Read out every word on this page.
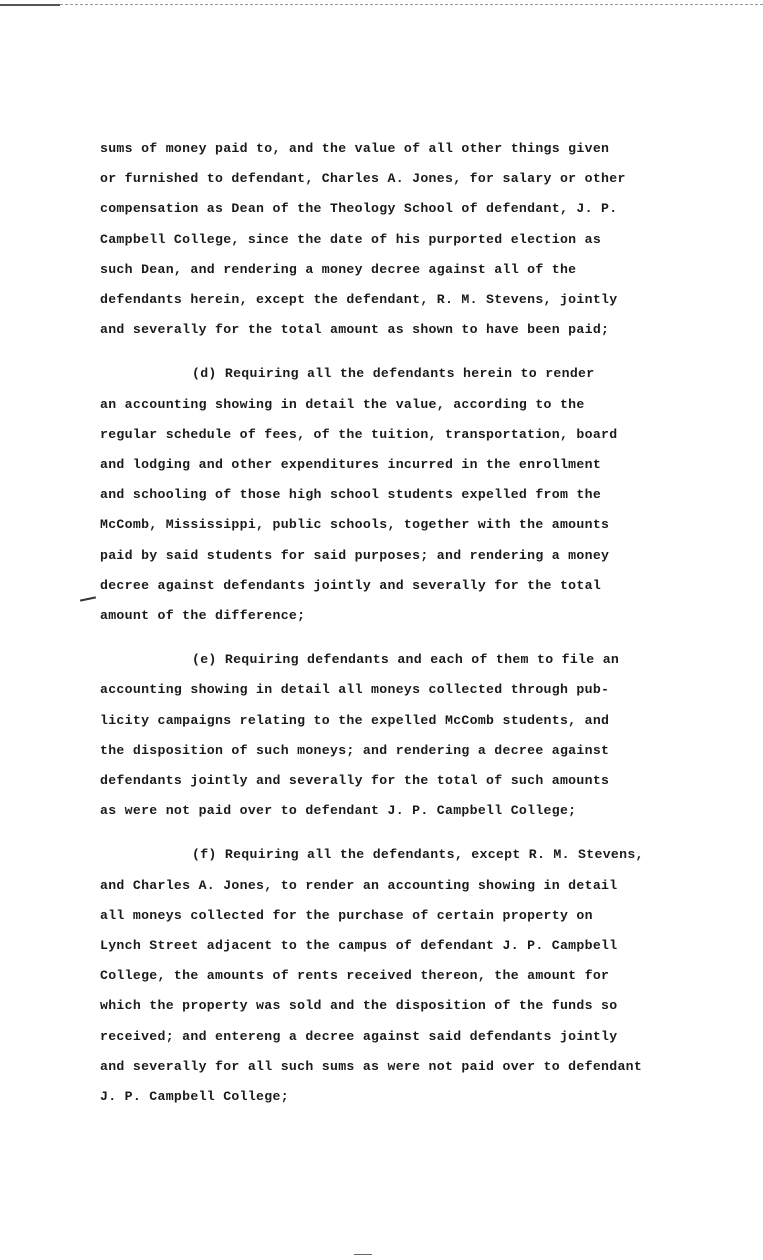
sums of money paid to, and the value of all other things given
or furnished to defendant, Charles A. Jones, for salary or other
compensation as Dean of the Theology School of defendant, J. P.
Campbell College, since the date of his purported election as
such Dean, and rendering a money decree against all of the
defendants herein, except the defendant, R. M. Stevens, jointly
and severally for the total amount as shown to have been paid;
(d) Requiring all the defendants herein to render
an accounting showing in detail the value, according to the
regular schedule of fees, of the tuition, transportation, board
and lodging and other expenditures incurred in the enrollment
and schooling of those high school students expelled from the
McComb, Mississippi, public schools, together with the amounts
paid by said students for said purposes; and rendering a money
decree against defendants jointly and severally for the total
amount of the difference;
(e) Requiring defendants and each of them to file an
accounting showing in detail all moneys collected through pub-
licity campaigns relating to the expelled McComb students, and
the disposition of such moneys; and rendering a decree against
defendants jointly and severally for the total of such amounts
as were not paid over to defendant J. P. Campbell College;
(f) Requiring all the defendants, except R. M. Stevens,
and Charles A. Jones, to render an accounting showing in detail
all moneys collected for the purchase of certain property on
Lynch Street adjacent to the campus of defendant J. P. Campbell
College, the amounts of rents received thereon, the amount for
which the property was sold and the disposition of the funds so
received; and entereng a decree against said defendants jointly
and severally for all such sums as were not paid over to defendant
J. P. Campbell College;
